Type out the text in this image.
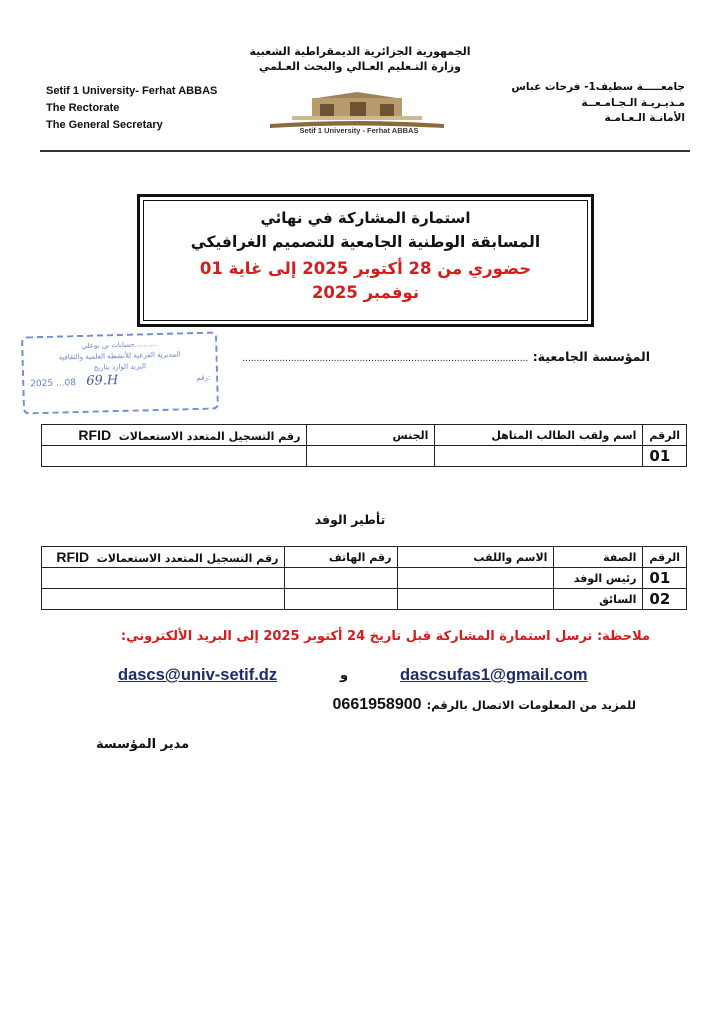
الجمهورية الجزائرية الديمقراطية الشعبية
وزارة التـعليم العـالي والبحث العـلمي
Setif 1 University- Ferhat ABBAS
The Rectorate
The General Secretary
جامعـــــة سطيف1- فرحات عباس
مـديـريـة الـجـامـعــة
الأمانـة الـعـامـة
Setif 1 University - Ferhat ABBAS
استمارة المشاركة في نهائي
المسابقة الوطنية الجامعية للتصميم الغرافيكي
حضوري من 28 أكتوبر 2025 إلى غاية 01 نوفمبر 2025
..........حسابات بن بوعلي
المديرية الفرعية للأنشطة العلمية والثقافية
البريد الوارد بتاريخ
2025 ...08 69.H	رقم:
المؤسسة الجامعية: ....................................................................................................
الرقم	اسم ولقب الطالب المتاهل	الجنس	رقم التسجيل المتعدد الاستعمالات  RFID
01			
تأطير الوفد
الرقم	الصفة	الاسم واللقب	رقم الهاتف	رقم التسجيل المتعدد الاستعمالات  RFID
01	رئيس الوفد			
02	السائق			
ملاحظة: ترسل استمارة المشاركة قبل تاريخ 24 أكتوبر 2025 إلى البريد الألكتروني:
dascsufas1@gmail.com
و
dascs@univ-setif.dz
للمزيد من المعلومات الاتصال بالرقم: 0661958900
مدير المؤسسة
